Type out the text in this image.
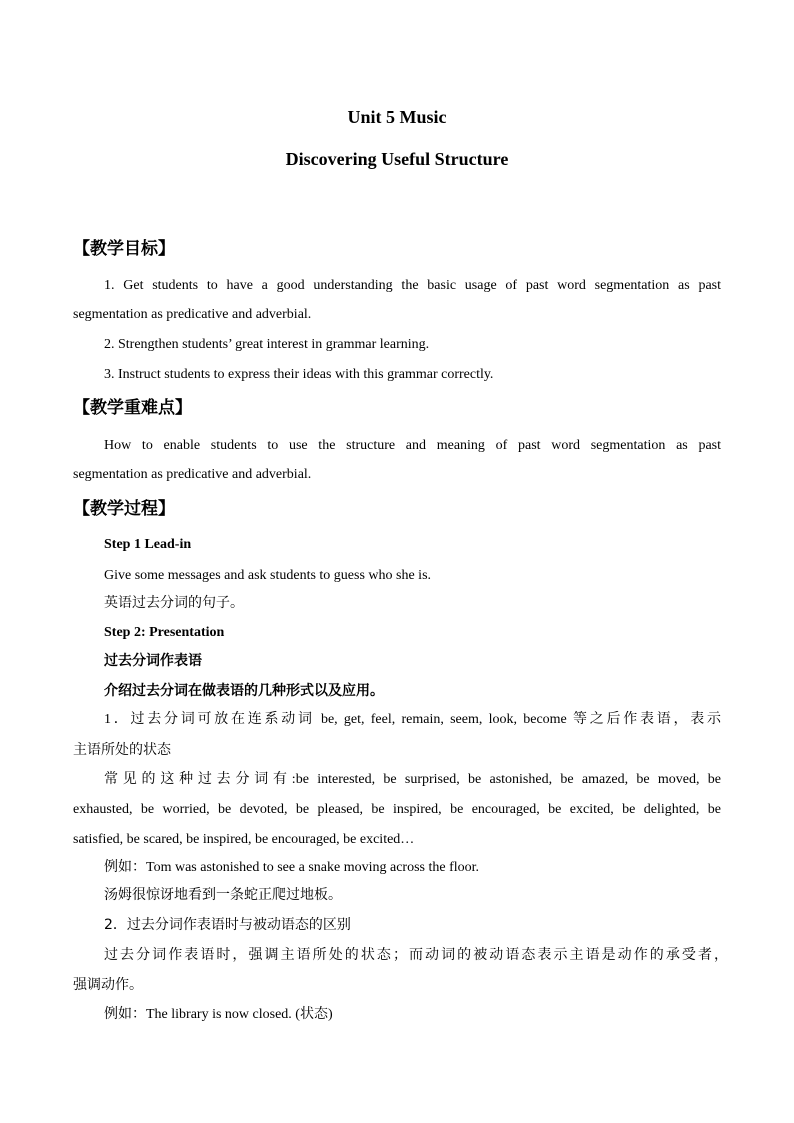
Unit 5 Music
Discovering Useful Structure
【教学目标】
1. Get students to have a good understanding the basic usage of past word segmentation as past
segmentation as predicative and adverbial.
2. Strengthen students’ great interest in grammar learning.
3. Instruct students to express their ideas with this grammar correctly.
【教学重难点】
How to enable students to use the structure and meaning of past word segmentation as past
segmentation as predicative and adverbial.
【教学过程】
Step 1 Lead-in
Give some messages and ask students to guess who she is.
英语过去分词的句子。
Step 2: Presentation
过去分词作表语
介绍过去分词在做表语的几种形式以及应用。
1．过去分词可放在连系动词 be, get, feel, remain, seem, look, become 等之后作表语，表示
主语所处的状态
常见的这种过去分词有:be interested, be surprised, be astonished, be amazed, be moved, be
exhausted, be worried, be devoted, be pleased, be inspired, be encouraged, be excited, be delighted, be
satisfied, be scared, be inspired, be encouraged, be excited…
例如：Tom was astonished to see a snake moving across the floor.
汤姆很惊讶地看到一条蛇正爬过地板。
2．过去分词作表语时与被动语态的区别
过去分词作表语时，强调主语所处的状态；而动词的被动语态表示主语是动作的承受者，
强调动作。
例如：The library is now closed. (状态)
